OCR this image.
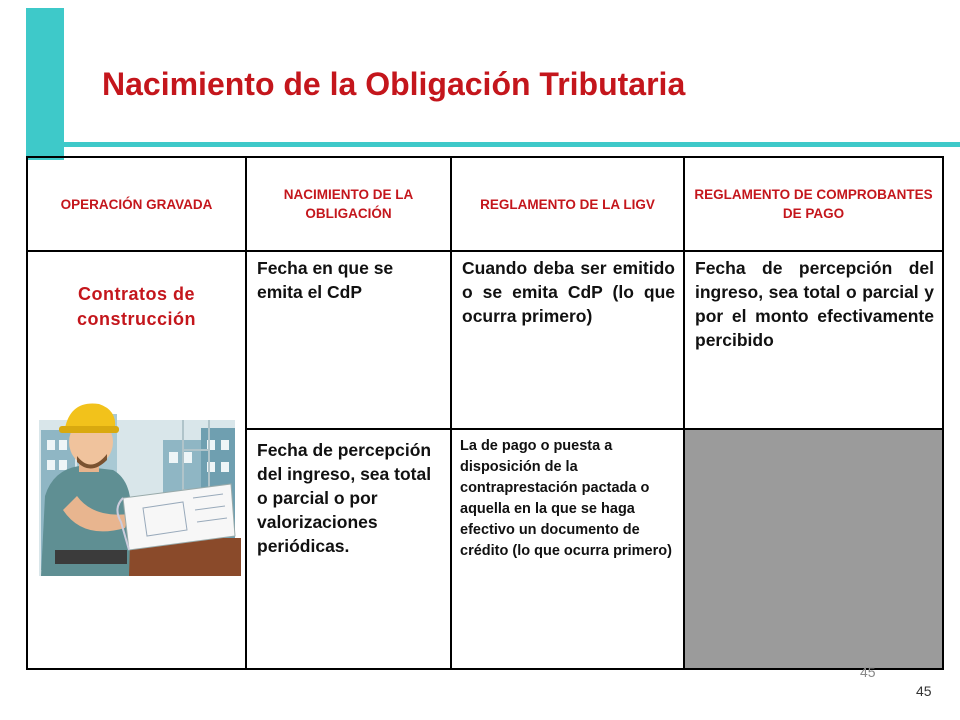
Nacimiento de la Obligación Tributaria
OPERACIÓN GRAVADA	NACIMIENTO DE LA OBLIGACIÓN	REGLAMENTO DE LA LIGV	REGLAMENTO DE COMPROBANTES DE PAGO

Contratos de construcción	Fecha en que se emita el CdP	Cuando deba ser emitido o se emita CdP (lo que ocurra primero)	Fecha de percepción del ingreso, sea total o parcial y por el monto efectivamente percibido

	Fecha de percepción del ingreso, sea total o parcial o por valorizaciones periódicas.	La de pago o puesta a disposición de la contraprestación pactada o aquella en la que se haga efectivo un documento de crédito (lo que ocurra primero)	

45
45
